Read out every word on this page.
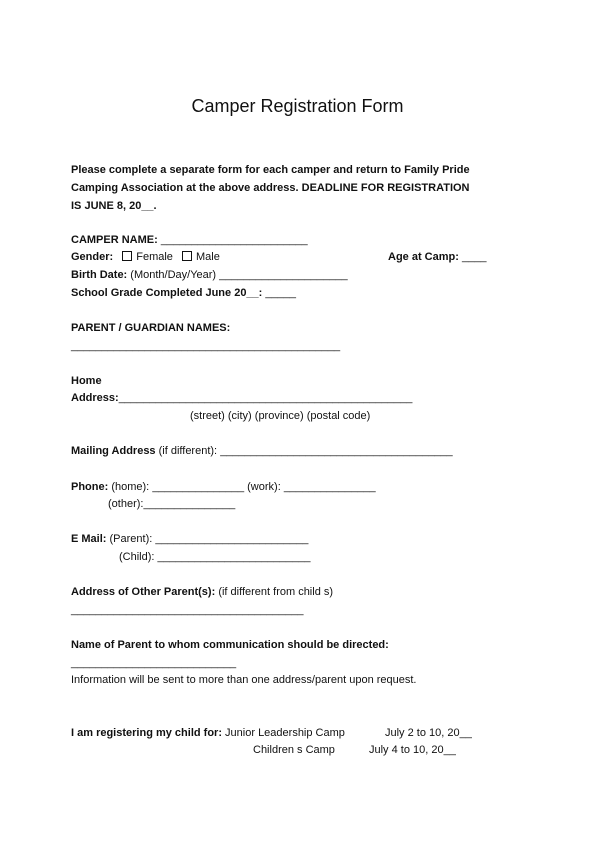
Camper Registration Form
Please complete a separate form for each camper and return to Family Pride
Camping Association at the above address. DEADLINE FOR REGISTRATION
IS JUNE 8, 20__.
CAMPER NAME: ________________________
Gender: Female Male	Age at Camp: ____
Birth Date: (Month/Day/Year) _____________________
School Grade Completed June 20__: _____
PARENT / GUARDIAN NAMES:
____________________________________________
Home
Address:________________________________________________
(street) (city) (province) (postal code)
Mailing Address (if different): ______________________________________
Phone: (home): _______________ (work): _______________
(other):_______________
E Mail: (Parent): _________________________
(Child): _________________________
Address of Other Parent(s): (if different from child s)
______________________________________
Name of Parent to whom communication should be directed:
___________________________
Information will be sent to more than one address/parent upon request.
I am registering my child for: Junior Leadership Camp	July 2 to 10, 20__
Children s Camp	July 4 to 10, 20__
